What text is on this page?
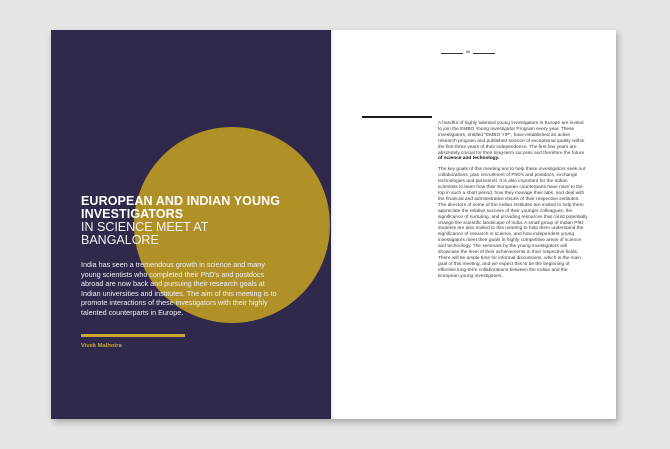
EUROPEAN AND INDIAN YOUNG INVESTIGATORS
IN SCIENCE MEET AT BANGALORE
India has seen a tremendous growth in science and many young scientists who completed their PhD's and postdocs abroad are now back and pursuing their research goals at Indian universities and institutes. The aim of this meeting is to promote interactions of these investigators with their highly talented counterparts in Europe.
Vivek Malhotra
66

A handful of highly talented young investigators in Europe are invited to join the EMBO Young Investigator Program every year. These investigators, entitled "EMBO YIP", have established an active research program and published science of exceptional quality within the first three years of their independence. The first few years are absolutely crucial for their long-term success and therefore the future of science and technology.

The key goals of this meeting are to help these investigators seek out collaborations, plan recruitment of PhD's and postdocs, exchange technologies and personnel. It is also important for the Indian scientists to learn how their European counterparts have risen to the top in such a short period, how they manage their labs, and deal with the financial and administrative issues of their respective institutes. The directors of some of the Indian institutes are invited to help them appreciate the relative success of their younger colleagues, the significance of nurturing, and providing resources that could potentially change the scientific landscape of India. A small group of Indian PhD students are also invited to this meeting to help them understand the significance of research in science, and how independent young investigators meet their goals in highly competitive areas of science and technology. The seminars by the young investigators will showcase the level of their achievements in their respective fields. There will be ample time for informal discussions, which is the main goal of this meeting, and we expect this to be the beginning of effective long-term collaborations between the Indian and the European young investigators.
